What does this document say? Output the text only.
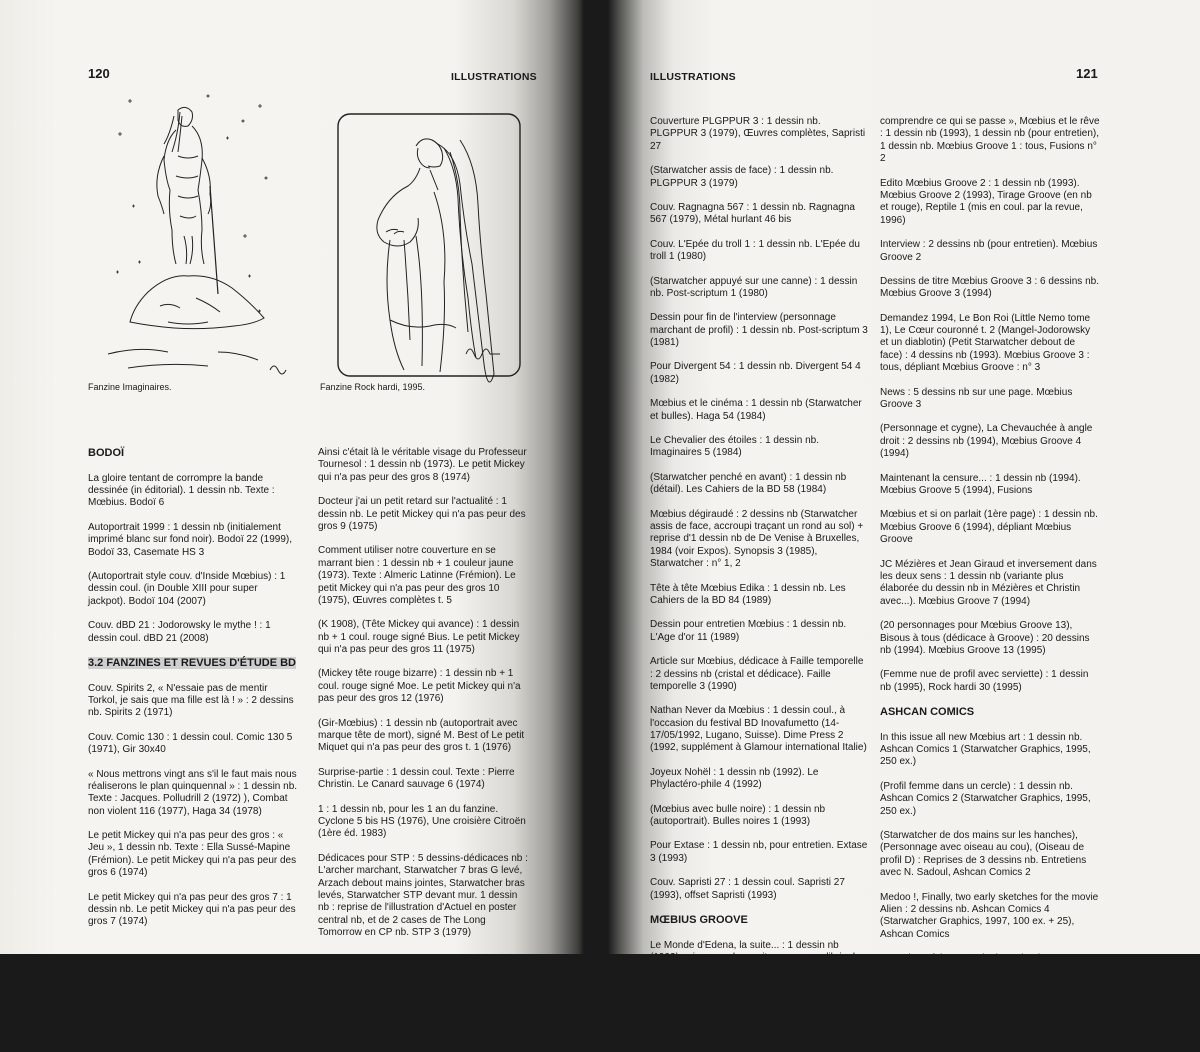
120	ILLUSTRATIONS
Fanzine Imaginaires.	Fanzine Rock hardi, 1995.
BODOÏ

La gloire tentant de corrompre la bande dessinée (in éditorial). 1 dessin nb. Texte : Mœbius. Bodoï 6

Autoportrait 1999 : 1 dessin nb (initialement imprimé blanc sur fond noir). Bodoï 22 (1999), Bodoï 33, Casemate HS 3

(Autoportrait style couv. d'Inside Mœbius) : 1 dessin coul. (in Double XIII pour super jackpot). Bodoï 104 (2007)

Couv. dBD 21 : Jodorowsky le mythe ! : 1 dessin coul. dBD 21 (2008)

3.2 FANZINES ET REVUES D'ÉTUDE BD

Couv. Spirits 2, « N'essaie pas de mentir Torkol, je sais que ma fille est là ! » : 2 dessins nb. Spirits 2 (1971)

Couv. Comic 130 : 1 dessin coul. Comic 130 5 (1971), Gir 30x40

« Nous mettrons vingt ans s'il le faut mais nous réaliserons le plan quinquennal » : 1 dessin nb. Texte : Jacques. Polludrill 2 (1972) ), Combat non violent 116 (1977), Haga 34 (1978)

Le petit Mickey qui n'a pas peur des gros : « Jeu », 1 dessin nb. Texte : Ella Sussé-Mapine (Frémion). Le petit Mickey qui n'a pas peur des gros 6 (1974)

Le petit Mickey qui n'a pas peur des gros 7 : 1 dessin nb. Le petit Mickey qui n'a pas peur des gros 7 (1974)

Ainsi c'était là le véritable visage du Professeur Tournesol : 1 dessin nb (1973). Le petit Mickey qui n'a pas peur des gros 8 (1974)

Docteur j'ai un petit retard sur l'actualité : 1 dessin nb. Le petit Mickey qui n'a pas peur des gros 9 (1975)

Comment utiliser notre couverture en se marrant bien : 1 dessin nb + 1 couleur jaune (1973). Texte : Almeric Latinne (Frémion). Le petit Mickey qui n'a pas peur des gros 10 (1975), Œuvres complètes t. 5

(K 1908), (Tête Mickey qui avance) : 1 dessin nb + 1 coul. rouge signé Bius. Le petit Mickey qui n'a pas peur des gros 11 (1975)

(Mickey tête rouge bizarre) : 1 dessin nb + 1 coul. rouge signé Moe. Le petit Mickey qui n'a pas peur des gros 12 (1976)

(Gir-Mœbius) : 1 dessin nb (autoportrait avec marque tête de mort), signé M. Best of Le petit Miquet qui n'a pas peur des gros t. 1 (1976)

Surprise-partie : 1 dessin coul. Texte : Pierre Christin. Le Canard sauvage 6 (1974)

1 : 1 dessin nb, pour les 1 an du fanzine. Cyclone 5 bis HS (1976), Une croisière Citroën (1ère éd. 1983)

Dédicaces pour STP : 5 dessins-dédicaces nb : L'archer marchant, Starwatcher 7 bras G levé, Arzach debout mains jointes, Starwatcher bras levés, Starwatcher STP devant mur. 1 dessin nb : reprise de l'illustration d'Actuel en poster central nb, et de 2 cases de The Long Tomorrow en CP nb. STP 3 (1979)

ILLUSTRATIONS	121

Couverture PLGPPUR 3 : 1 dessin nb. PLGPPUR 3 (1979), Œuvres complètes, Sapristi 27

(Starwatcher assis de face) : 1 dessin nb. PLGPPUR 3 (1979)

Couv. Ragnagna 567 : 1 dessin nb. Ragnagna 567 (1979), Métal hurlant 46 bis

Couv. L'Epée du troll 1 : 1 dessin nb. L'Epée du troll 1 (1980)

(Starwatcher appuyé sur une canne) : 1 dessin nb. Post-scriptum 1 (1980)

Dessin pour fin de l'interview (personnage marchant de profil) : 1 dessin nb. Post-scriptum 3 (1981)

Pour Divergent 54 : 1 dessin nb. Divergent 54 4 (1982)

Mœbius et le cinéma : 1 dessin nb (Starwatcher et bulles). Haga 54 (1984)

Le Chevalier des étoiles : 1 dessin nb. Imaginaires 5 (1984)

(Starwatcher penché en avant) : 1 dessin nb (détail). Les Cahiers de la BD 58 (1984)

Mœbius dégiraudé : 2 dessins nb (Starwatcher assis de face, accroupi traçant un rond au sol) + reprise d'1 dessin nb de De Venise à Bruxelles, 1984 (voir Expos). Synopsis 3 (1985), Starwatcher : n° 1, 2

Tête à tête Mœbius Edika : 1 dessin nb. Les Cahiers de la BD 84 (1989)

Dessin pour entretien Mœbius : 1 dessin nb. L'Age d'or 11 (1989)

Article sur Mœbius, dédicace à Faille temporelle : 2 dessins nb (cristal et dédicace). Faille temporelle 3 (1990)

Nathan Never da Mœbius : 1 dessin coul., à l'occasion du festival BD Inovafumetto (14-17/05/1992, Lugano, Suisse). Dime Press 2 (1992, supplément à Glamour international Italie)

Joyeux Nohël : 1 dessin nb (1992). Le Phylactéro-phile 4 (1992)

(Mœbius avec bulle noire) : 1 dessin nb (autoportrait). Bulles noires 1 (1993)

Pour Extase : 1 dessin nb, pour entretien. Extase 3 (1993)

Couv. Sapristi 27 : 1 dessin coul. Sapristi 27 (1993), offset Sapristi (1993)

MŒBIUS GROOVE

Le Monde d'Edena, la suite... : 1 dessin nb (1993), mis en coul. ensuite pour un ex-libris de Stel. Mœbius Groove 1

(Tête d'homme avec marque tête de mort coté G) « Je suis particulièrement bien placé pour

comprendre ce qui se passe », Mœbius et le rêve : 1 dessin nb (1993), 1 dessin nb (pour entretien), 1 dessin nb. Mœbius Groove 1 : tous, Fusions n° 2

Edito Mœbius Groove 2 : 1 dessin nb (1993). Mœbius Groove 2 (1993), Tirage Groove (en nb et rouge), Reptile 1 (mis en coul. par la revue, 1996)

Interview : 2 dessins nb (pour entretien). Mœbius Groove 2

Dessins de titre Mœbius Groove 3 : 6 dessins nb. Mœbius Groove 3 (1994)

Demandez 1994, Le Bon Roi (Little Nemo tome 1), Le Cœur couronné t. 2 (Mangel-Jodorowsky et un diablotin) (Petit Starwatcher debout de face) : 4 dessins nb (1993). Mœbius Groove 3 : tous, dépliant Mœbius Groove : n° 3

News : 5 dessins nb sur une page. Mœbius Groove 3

(Personnage et cygne), La Chevauchée à angle droit : 2 dessins nb (1994), Mœbius Groove 4 (1994)

Maintenant la censure... : 1 dessin nb (1994). Mœbius Groove 5 (1994), Fusions

Mœbius et si on parlait (1ère page) : 1 dessin nb. Mœbius Groove 6 (1994), dépliant Mœbius Groove

JC Mézières et Jean Giraud et inversement dans les deux sens : 1 dessin nb (variante plus élaborée du dessin nb in Mézières et Christin avec...). Mœbius Groove 7 (1994)

(20 personnages pour Mœbius Groove 13), Bisous à tous (dédicace à Groove) : 20 dessins nb (1994). Mœbius Groove 13 (1995)

(Femme nue de profil avec serviette) : 1 dessin nb (1995), Rock hardi 30 (1995)

ASHCAN COMICS

In this issue all new Mœbius art : 1 dessin nb. Ashcan Comics 1 (Starwatcher Graphics, 1995, 250 ex.)

(Profil femme dans un cercle) : 1 dessin nb. Ashcan Comics 2 (Starwatcher Graphics, 1995, 250 ex.)

(Starwatcher de dos mains sur les hanches), (Personnage avec oiseau au cou), (Oiseau de profil D) : Reprises de 3 dessins nb. Entretiens avec N. Sadoul, Ashcan Comics 2

Medoo !, Finally, two early sketches for the movie Alien : 2 dessins nb. Ashcan Comics 4 (Starwatcher Graphics, 1997, 100 ex. + 25), Ashcan Comics

A preview of the next Blueberry book, An unfinished design for Robert Silverberg's Project Pendulum (Starwatcher bras levé avec papillons), Mœbius in the '70s, Ad for John Brunner's Product of the Masses, (Portrait de femme avec chapeau), An illustration for Robert Silverberg's Nightwings, A rejected panel
